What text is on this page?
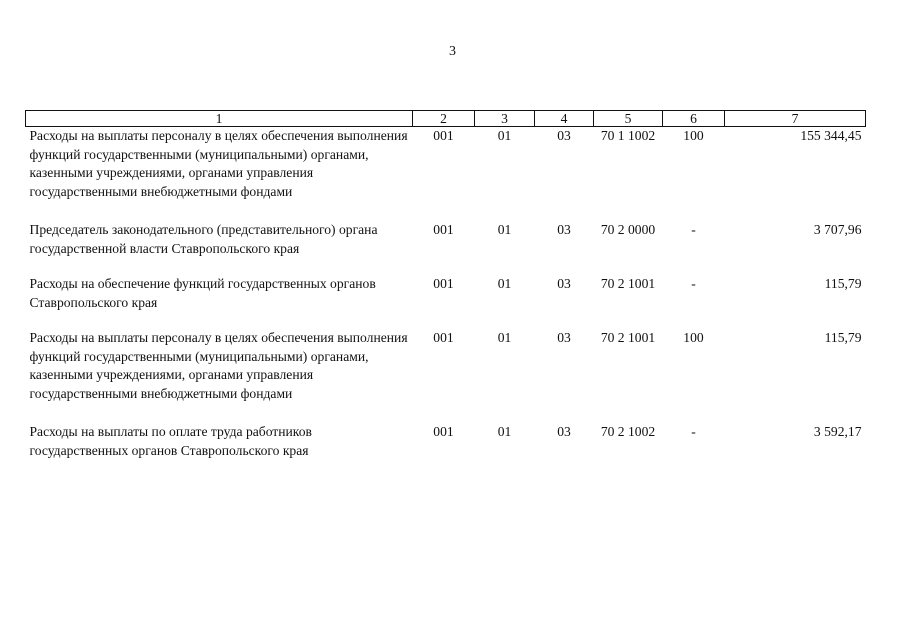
3
1	2	3	4	5	6	7
Расходы на выплаты персоналу в целях обеспечения выполнения функций государственными (муниципальными) органами, казенными учреждениями, органами управления государственными внебюджетными фондами	001	01	03	70 1 1002	100	155 344,45
Председатель законодательного (представительного) органа государственной власти Ставропольского края	001	01	03	70 2 0000	-	3 707,96
Расходы на обеспечение функций государственных органов Ставропольского края	001	01	03	70 2 1001	-	115,79
Расходы на выплаты персоналу в целях обеспечения выполнения функций государственными (муниципальными) органами, казенными учреждениями, органами управления государственными внебюджетными фондами	001	01	03	70 2 1001	100	115,79
Расходы на выплаты по оплате труда работников государственных органов Ставропольского края	001	01	03	70 2 1002	-	3 592,17
